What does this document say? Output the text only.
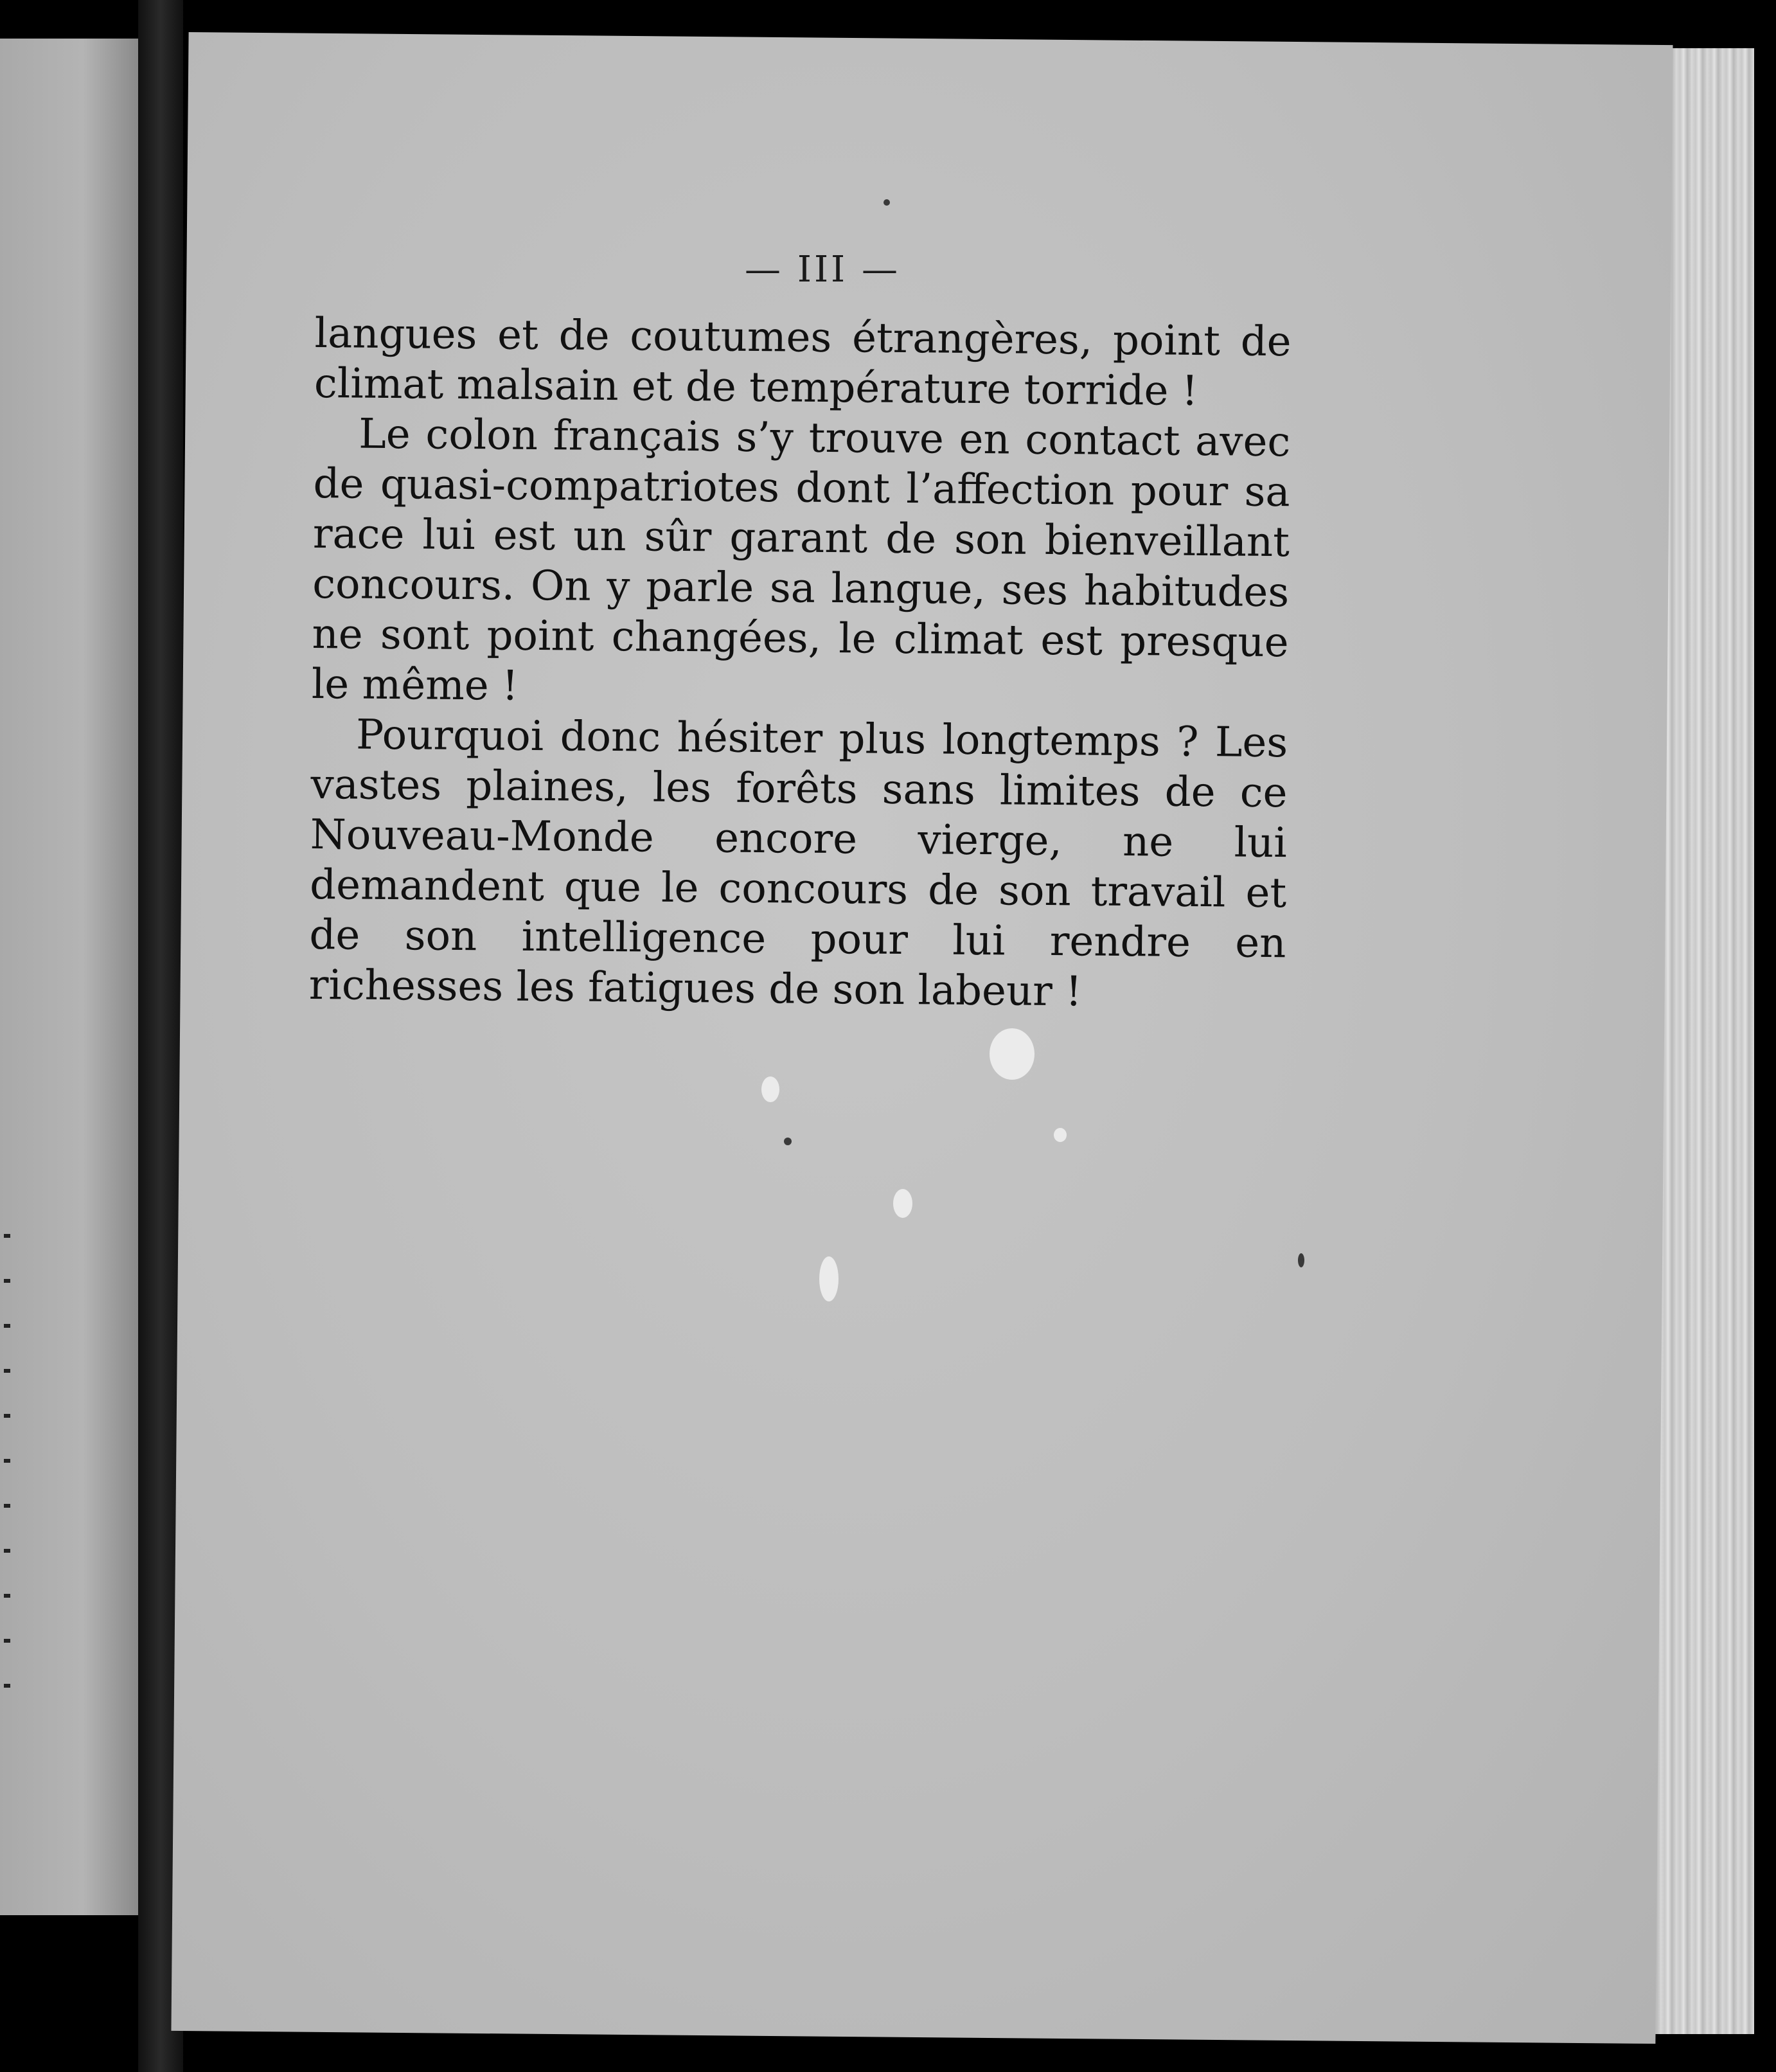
— III —

langues et de coutumes étrangères, point de climat malsain et de température torride !

Le colon français s’y trouve en contact avec de quasi-compatriotes dont l’affection pour sa race lui est un sûr garant de son bienveillant concours. On y parle sa langue, ses habitudes ne sont point changées, le climat est presque le même !

Pourquoi donc hésiter plus longtemps ? Les vastes plaines, les forêts sans limites de ce Nouveau-Monde encore vierge, ne lui demandent que le concours de son travail et de son intelligence pour lui rendre en richesses les fatigues de son labeur !
